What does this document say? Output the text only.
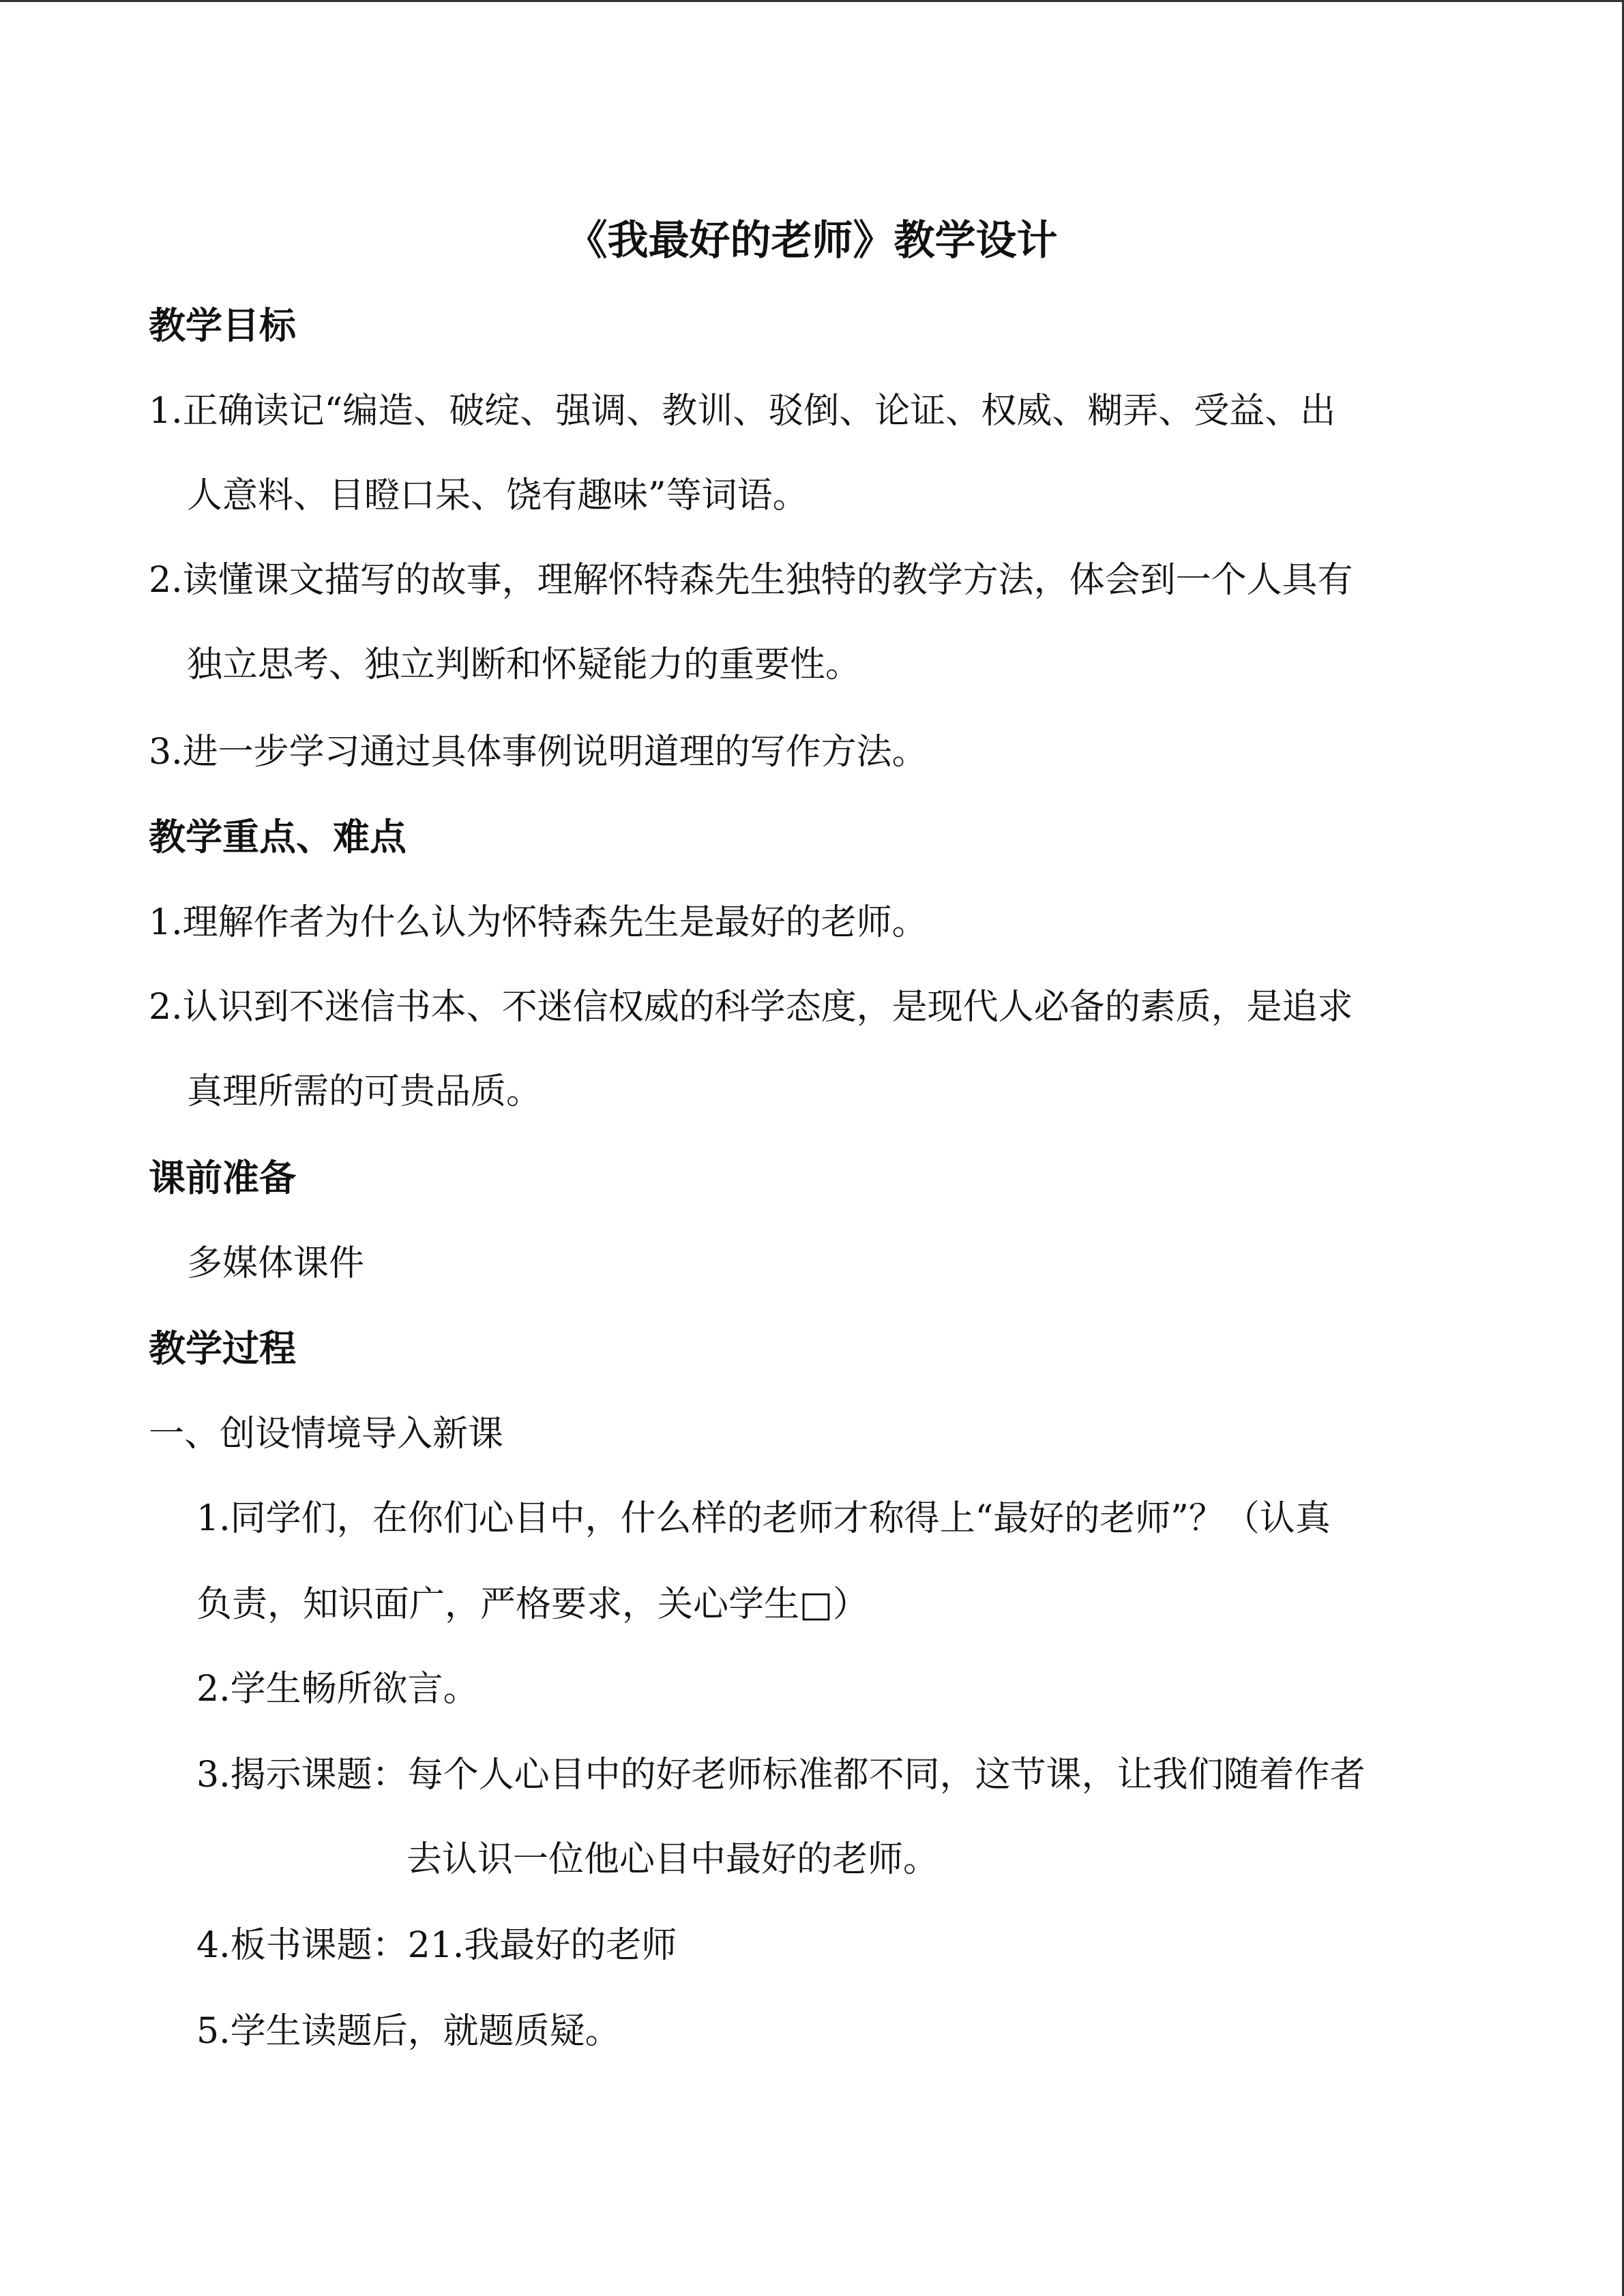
《我最好的老师》教学设计
教学目标
1.正确读记“编造、破绽、强调、教训、驳倒、论证、权威、糊弄、受益、出
人意料、目瞪口呆、饶有趣味”等词语。
2.读懂课文描写的故事，理解怀特森先生独特的教学方法，体会到一个人具有
独立思考、独立判断和怀疑能力的重要性。
3.进一步学习通过具体事例说明道理的写作方法。
教学重点、难点
1.理解作者为什么认为怀特森先生是最好的老师。
2.认识到不迷信书本、不迷信权威的科学态度，是现代人必备的素质，是追求
真理所需的可贵品质。
课前准备
多媒体课件
教学过程
一、创设情境导入新课
1.同学们，在你们心目中，什么样的老师才称得上“最好的老师”？（认真
负责，知识面广，严格要求，关心学生□）
2.学生畅所欲言。
3.揭示课题：每个人心目中的好老师标准都不同，这节课，让我们随着作者
去认识一位他心目中最好的老师。
4.板书课题：21.我最好的老师
5.学生读题后，就题质疑。
